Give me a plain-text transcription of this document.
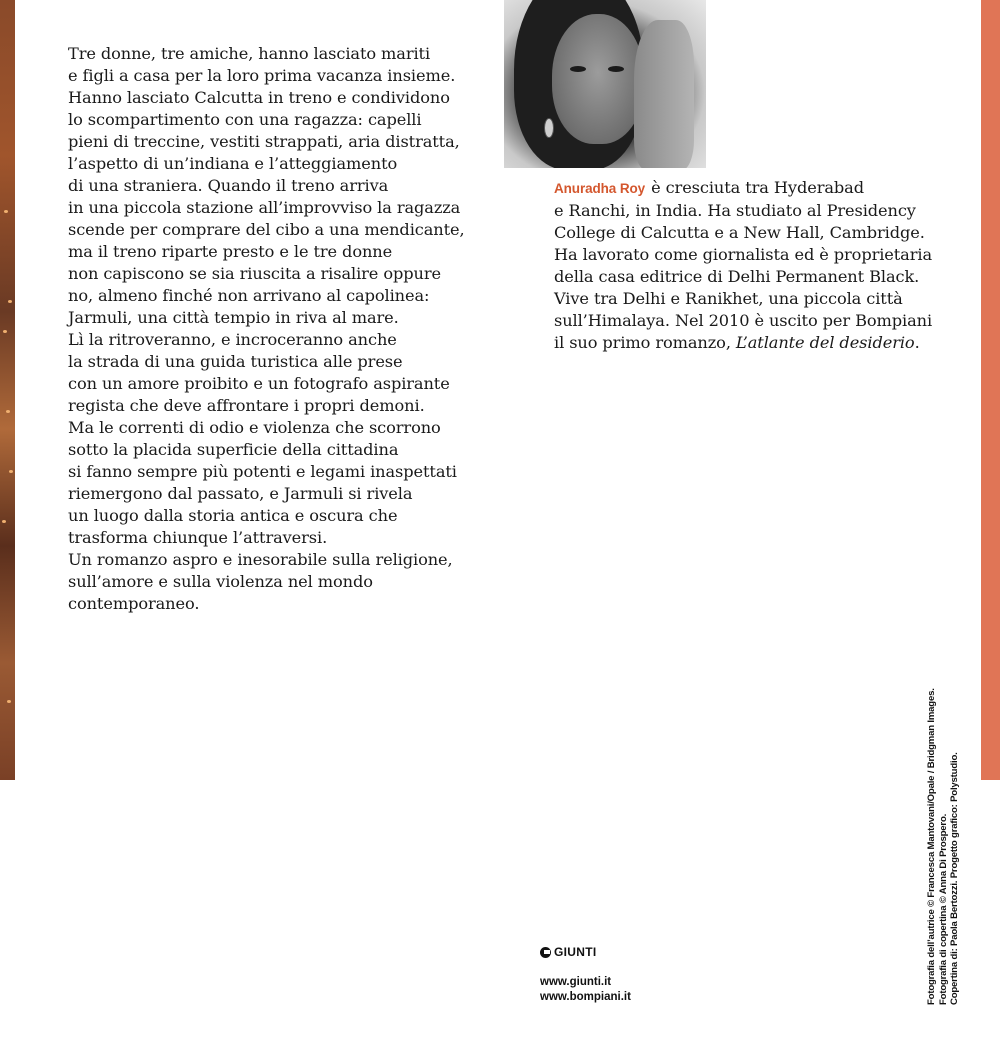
Tre donne, tre amiche, hanno lasciato mariti
e figli a casa per la loro prima vacanza insieme.
Hanno lasciato Calcutta in treno e condividono
lo scompartimento con una ragazza: capelli
pieni di treccine, vestiti strappati, aria distratta,
l’aspetto di un’indiana e l’atteggiamento
di una straniera. Quando il treno arriva
in una piccola stazione all’improvviso la ragazza
scende per comprare del cibo a una mendicante,
ma il treno riparte presto e le tre donne
non capiscono se sia riuscita a risalire oppure
no, almeno finché non arrivano al capolinea:
Jarmuli, una città tempio in riva al mare.
Lì la ritroveranno, e incroceranno anche
la strada di una guida turistica alle prese
con un amore proibito e un fotografo aspirante
regista che deve affrontare i propri demoni.
Ma le correnti di odio e violenza che scorrono
sotto la placida superficie della cittadina
si fanno sempre più potenti e legami inaspettati
riemergono dal passato, e Jarmuli si rivela
un luogo dalla storia antica e oscura che
trasforma chiunque l’attraversi.
Un romanzo aspro e inesorabile sulla religione,
sull’amore e sulla violenza nel mondo
contemporaneo.
Anuradha Roy è cresciuta tra Hyderabad
e Ranchi, in India. Ha studiato al Presidency
College di Calcutta e a New Hall, Cambridge.
Ha lavorato come giornalista ed è proprietaria
della casa editrice di Delhi Permanent Black.
Vive tra Delhi e Ranikhet, una piccola città
sull’Himalaya. Nel 2010 è uscito per Bompiani
il suo primo romanzo, L’atlante del desiderio.
GIUNTI
www.giunti.it
www.bompiani.it	Fotografia dell’autrice © Francesca Mantovani/Opale / Bridgman Images. Fotografia di copertina © Anna Di Prospero. Copertina di: Paola Bertozzi. Progetto grafico: Polystudio.
